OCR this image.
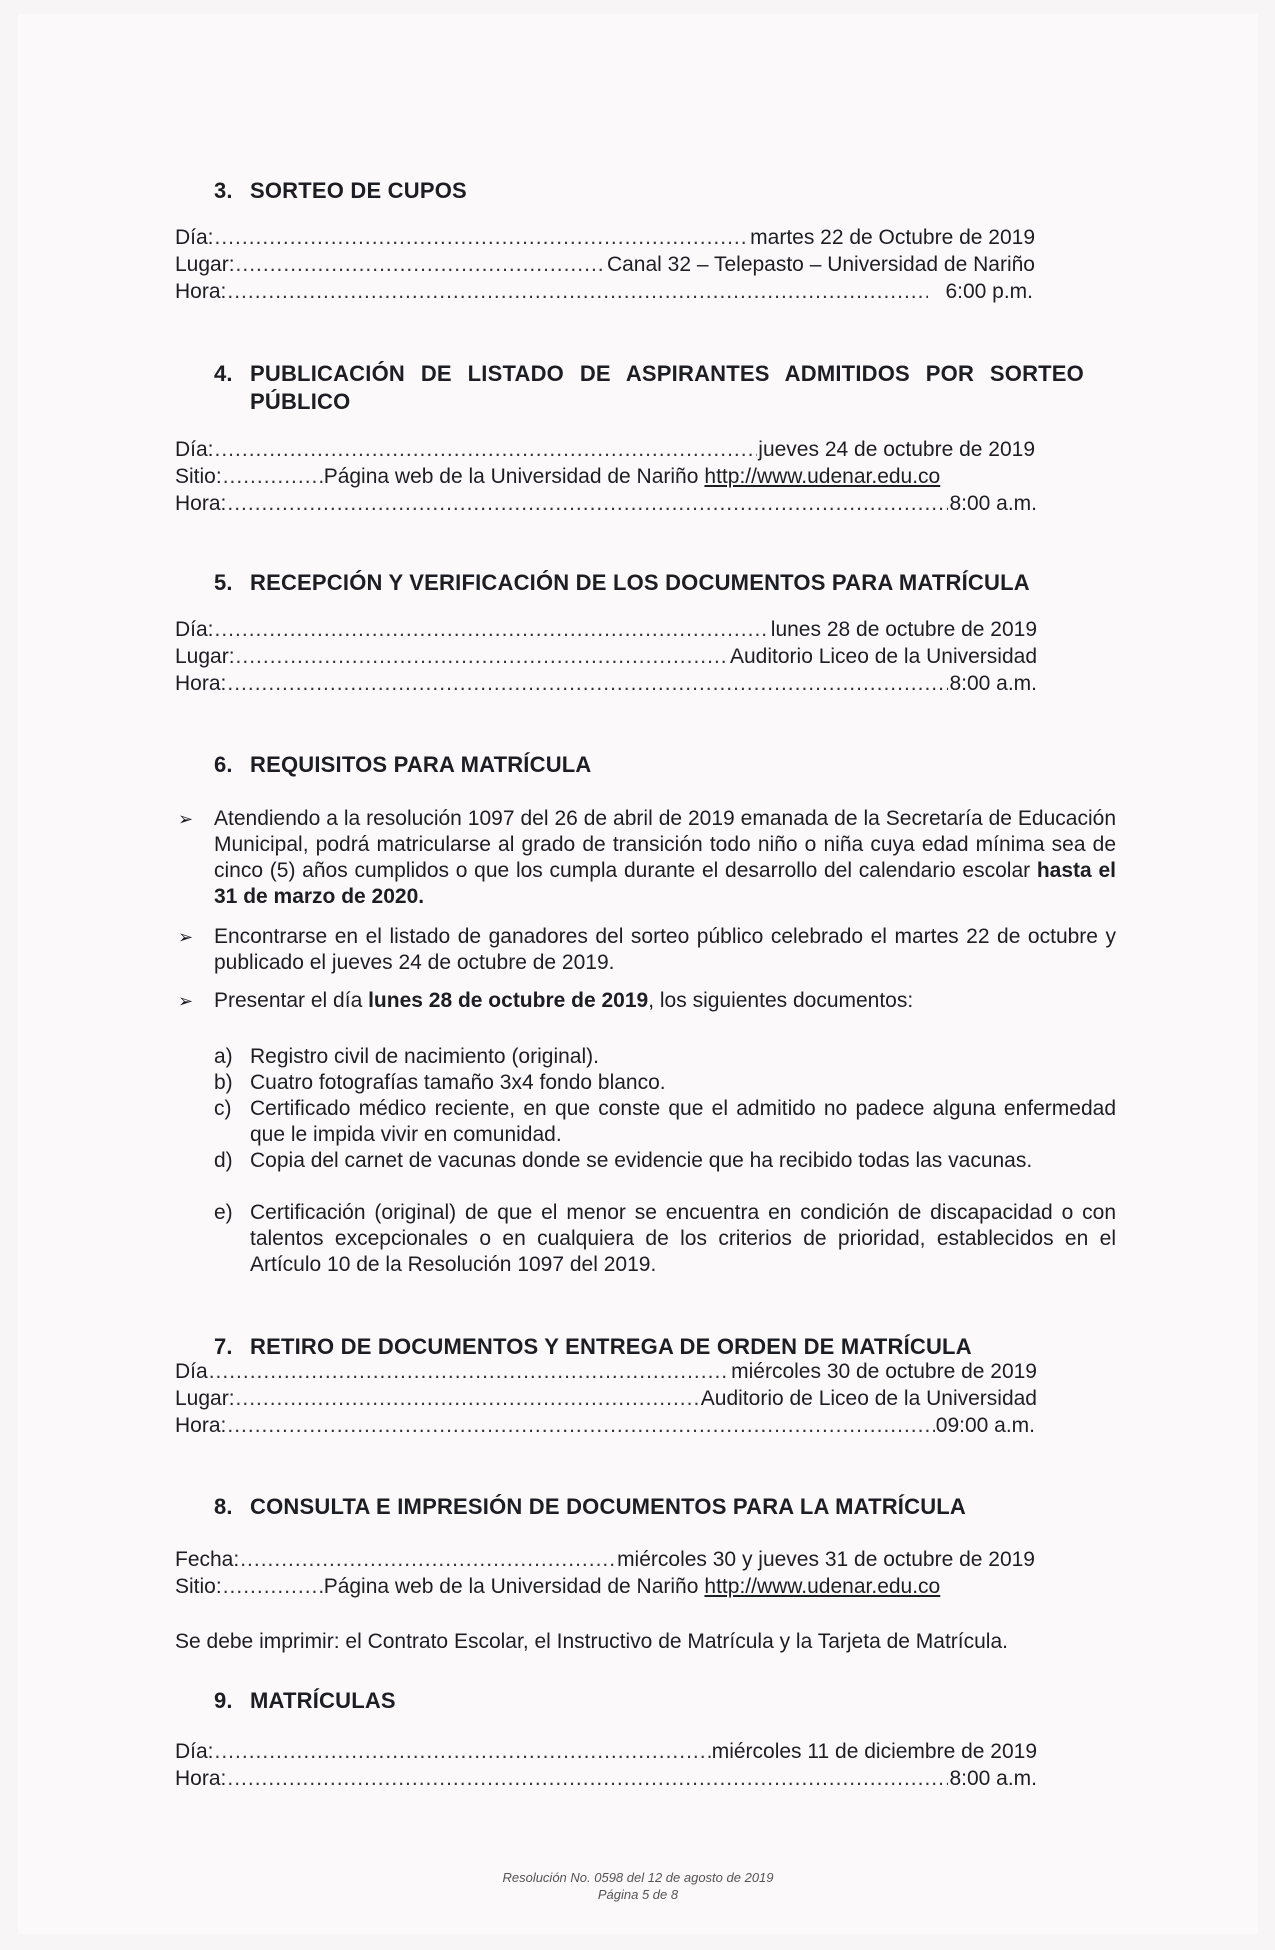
3. SORTEO DE CUPOS
Día: .....	martes 22 de Octubre de 2019
Lugar: .....	Canal 32 – Telepasto – Universidad de Nariño
Hora: .....	6:00 p.m.
4. PUBLICACIÓN DE LISTADO DE ASPIRANTES ADMITIDOS POR SORTEO PÚBLICO
Día: .....	jueves 24 de octubre de 2019
Sitio: .....	Página web de la Universidad de Nariño http://www.udenar.edu.co
Hora: .....	8:00 a.m.
5. RECEPCIÓN Y VERIFICACIÓN DE LOS DOCUMENTOS PARA MATRÍCULA
Día: .....	lunes 28 de octubre de 2019
Lugar: .....	Auditorio Liceo de la Universidad
Hora: .....	8:00 a.m.
6. REQUISITOS PARA MATRÍCULA
➢ Atendiendo a la resolución 1097 del 26 de abril de 2019 emanada de la Secretaría de Educación Municipal, podrá matricularse al grado de transición todo niño o niña cuya edad mínima sea de cinco (5) años cumplidos o que los cumpla durante el desarrollo del calendario escolar hasta el 31 de marzo de 2020.
➢ Encontrarse en el listado de ganadores del sorteo público celebrado el martes 22 de octubre y publicado el jueves 24 de octubre de 2019.
➢ Presentar el día lunes 28 de octubre de 2019, los siguientes documentos:
a) Registro civil de nacimiento (original).
b) Cuatro fotografías tamaño 3x4 fondo blanco.
c) Certificado médico reciente, en que conste que el admitido no padece alguna enfermedad que le impida vivir en comunidad.
d) Copia del carnet de vacunas donde se evidencie que ha recibido todas las vacunas.
e) Certificación (original) de que el menor se encuentra en condición de discapacidad o con talentos excepcionales o en cualquiera de los criterios de prioridad, establecidos en el Artículo 10 de la Resolución 1097 del 2019.
7. RETIRO DE DOCUMENTOS Y ENTREGA DE ORDEN DE MATRÍCULA
Día .....	miércoles 30 de octubre de 2019
Lugar: .....	Auditorio de Liceo de la Universidad
Hora: .....	09:00 a.m.
8. CONSULTA E IMPRESIÓN DE DOCUMENTOS PARA LA MATRÍCULA
Fecha: .....	miércoles 30 y jueves 31 de octubre de 2019
Sitio: .....	Página web de la Universidad de Nariño http://www.udenar.edu.co
Se debe imprimir: el Contrato Escolar, el Instructivo de Matrícula y la Tarjeta de Matrícula.
9. MATRÍCULAS
Día: .....	miércoles 11 de diciembre de 2019
Hora: .....	8:00 a.m.
Resolución No. 0598 del 12 de agosto de 2019
Página 5 de 8
